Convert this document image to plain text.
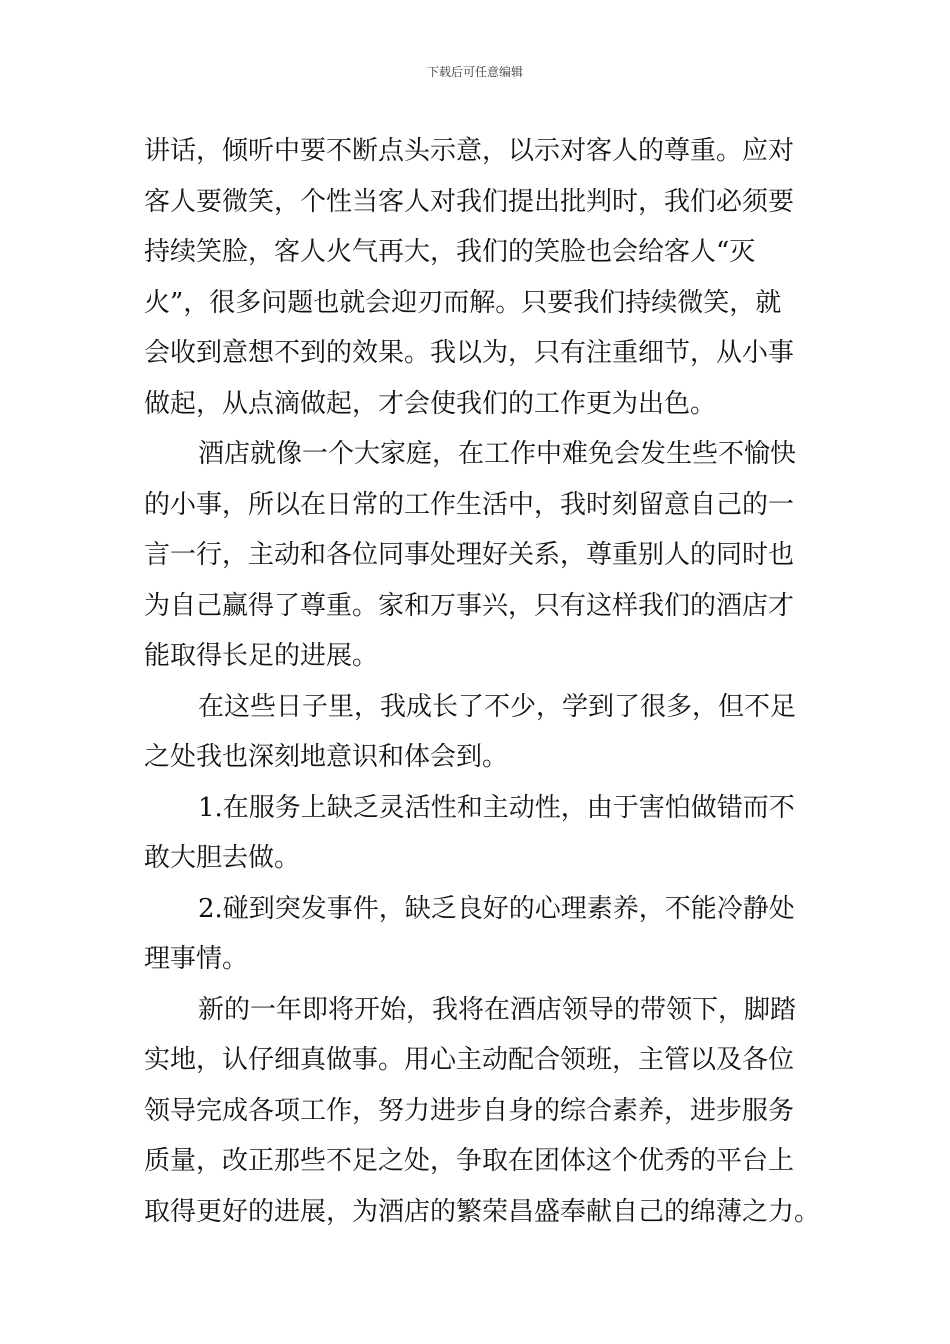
下载后可任意编辑
讲话，倾听中要不断点头示意，以示对客人的尊重。应对
客人要微笑，个性当客人对我们提出批判时，我们必须要
持续笑脸，客人火气再大，我们的笑脸也会给客人“灭
火”，很多问题也就会迎刃而解。只要我们持续微笑，就
会收到意想不到的效果。我以为，只有注重细节，从小事
做起，从点滴做起，才会使我们的工作更为出色。
酒店就像一个大家庭，在工作中难免会发生些不愉快
的小事，所以在日常的工作生活中，我时刻留意自己的一
言一行，主动和各位同事处理好关系，尊重别人的同时也
为自己赢得了尊重。家和万事兴，只有这样我们的酒店才
能取得长足的进展。
在这些日子里，我成长了不少，学到了很多，但不足
之处我也深刻地意识和体会到。
1.在服务上缺乏灵活性和主动性，由于害怕做错而不
敢大胆去做。
2.碰到突发事件，缺乏良好的心理素养，不能冷静处
理事情。
新的一年即将开始，我将在酒店领导的带领下，脚踏
实地，认仔细真做事。用心主动配合领班，主管以及各位
领导完成各项工作，努力进步自身的综合素养，进步服务
质量，改正那些不足之处，争取在团体这个优秀的平台上
取得更好的进展，为酒店的繁荣昌盛奉献自己的绵薄之力。
